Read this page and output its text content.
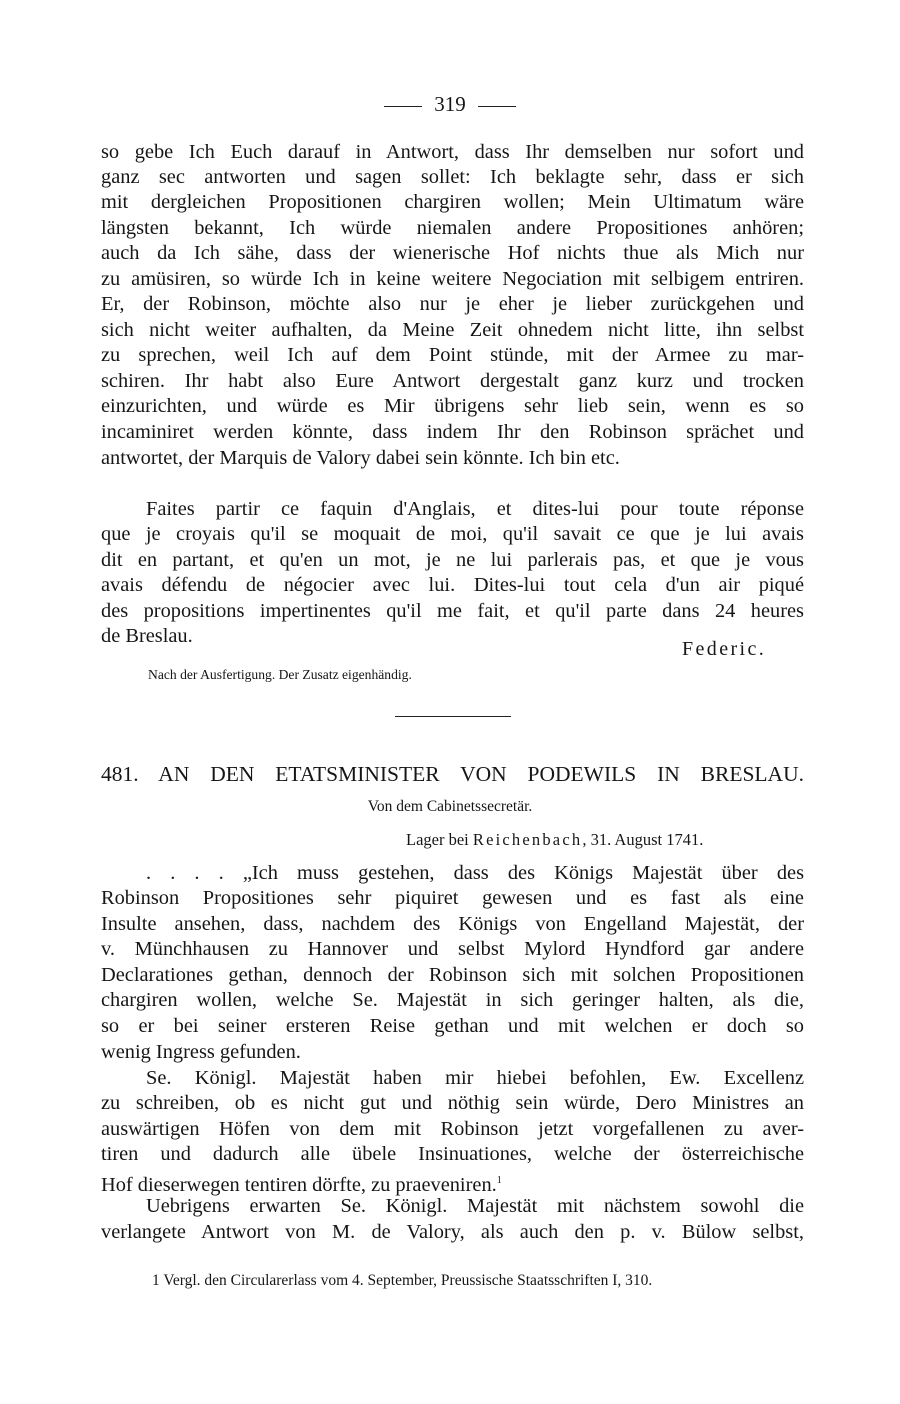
319
so gebe Ich Euch darauf in Antwort, dass Ihr demselben nur sofort und
ganz sec antworten und sagen sollet: Ich beklagte sehr, dass er sich
mit dergleichen Propositionen chargiren wollen; Mein Ultimatum wäre
längsten bekannt, Ich würde niemalen andere Propositiones anhören;
auch da Ich sähe, dass der wienerische Hof nichts thue als Mich nur
zu amüsiren, so würde Ich in keine weitere Negociation mit selbigem entriren.
Er, der Robinson, möchte also nur je eher je lieber zurückgehen und
sich nicht weiter aufhalten, da Meine Zeit ohnedem nicht litte, ihn selbst
zu sprechen, weil Ich auf dem Point stünde, mit der Armee zu mar-
schiren. Ihr habt also Eure Antwort dergestalt ganz kurz und trocken
einzurichten, und würde es Mir übrigens sehr lieb sein, wenn es so
incaminiret werden könnte, dass indem Ihr den Robinson sprächet und
antwortet, der Marquis de Valory dabei sein könnte. Ich bin etc.
Faites partir ce faquin d'Anglais, et dites-lui pour toute réponse
que je croyais qu'il se moquait de moi, qu'il savait ce que je lui avais
dit en partant, et qu'en un mot, je ne lui parlerais pas, et que je vous
avais défendu de négocier avec lui. Dites-lui tout cela d'un air piqué
des propositions impertinentes qu'il me fait, et qu'il parte dans 24 heures
de Breslau.
Federic.
Nach der Ausfertigung. Der Zusatz eigenhändig.
481. AN DEN ETATSMINISTER VON PODEWILS IN BRESLAU.
Von dem Cabinetssecretär.
Lager bei Reichenbach, 31. August 1741.
. . . . „Ich muss gestehen, dass des Königs Majestät über des
Robinson Propositiones sehr piquiret gewesen und es fast als eine
Insulte ansehen, dass, nachdem des Königs von Engelland Majestät, der
v. Münchhausen zu Hannover und selbst Mylord Hyndford gar andere
Declarationes gethan, dennoch der Robinson sich mit solchen Propositionen
chargiren wollen, welche Se. Majestät in sich geringer halten, als die,
so er bei seiner ersteren Reise gethan und mit welchen er doch so
wenig Ingress gefunden.
Se. Königl. Majestät haben mir hiebei befohlen, Ew. Excellenz
zu schreiben, ob es nicht gut und nöthig sein würde, Dero Ministres an
auswärtigen Höfen von dem mit Robinson jetzt vorgefallenen zu aver-
tiren und dadurch alle übele Insinuationes, welche der österreichische
Hof dieserwegen tentiren dörfte, zu praeveniren.$^1$
Uebrigens erwarten Se. Königl. Majestät mit nächstem sowohl die
verlangete Antwort von M. de Valory, als auch den p. v. Bülow selbst,
1 Vergl. den Circularerlass vom 4. September, Preussische Staatsschriften I, 310.
